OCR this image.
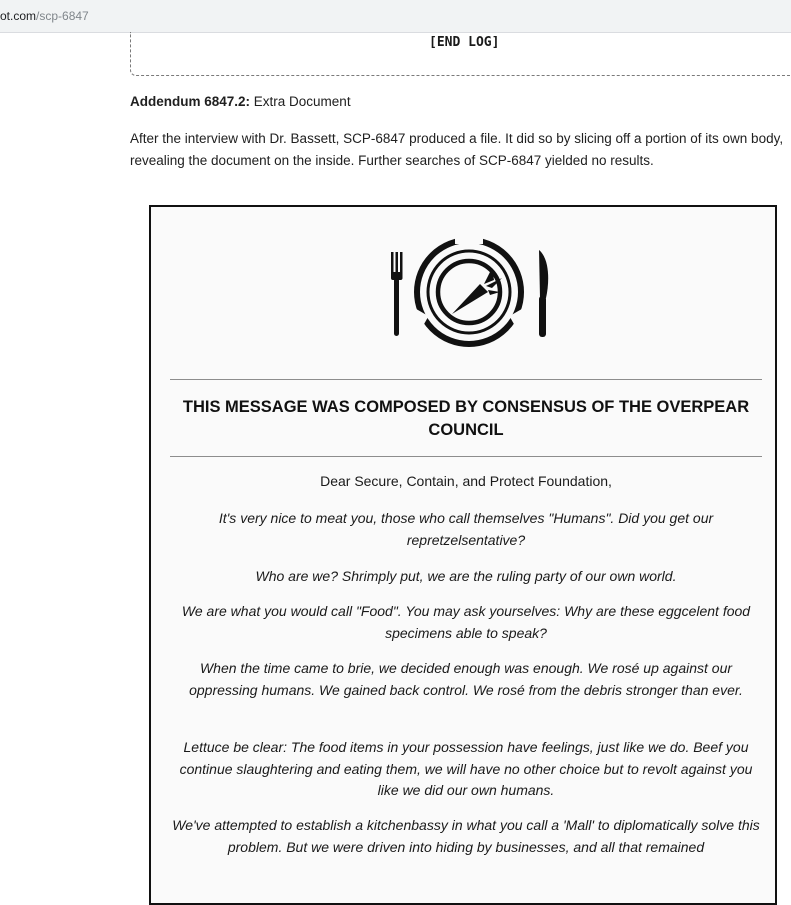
ot.com/scp-6847
[END LOG]
Addendum 6847.2: Extra Document

After the interview with Dr. Bassett, SCP-6847 produced a file. It did so by slicing off a portion of its own body, revealing the document on the inside. Further searches of SCP-6847 yielded no results.

THIS MESSAGE WAS COMPOSED BY CONSENSUS OF THE OVERPEAR COUNCIL

Dear Secure, Contain, and Protect Foundation,

It's very nice to meat you, those who call themselves "Humans". Did you get our repretzelsentative?

Who are we? Shrimply put, we are the ruling party of our own world.

We are what you would call "Food". You may ask yourselves: Why are these eggcelent food specimens able to speak?

When the time came to brie, we decided enough was enough. We rosé up against our oppressing humans. We gained back control. We rosé from the debris stronger than ever.

Lettuce be clear: The food items in your possession have feelings, just like we do. Beef you continue slaughtering and eating them, we will have no other choice but to revolt against you like we did our own humans.

We've attempted to establish a kitchenbassy in what you call a 'Mall' to diplomatically solve this problem. But we were driven into hiding by businesses, and all that remained
